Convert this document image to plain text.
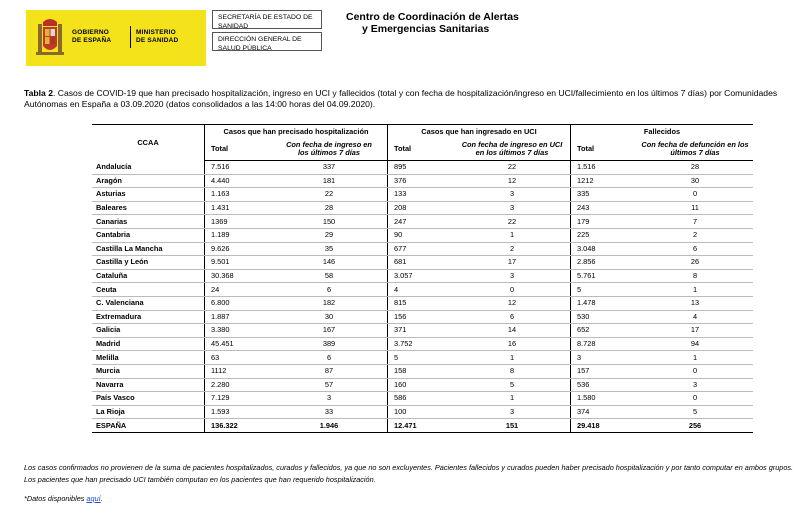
GOBIERNO
DE ESPAÑA
MINISTERIO
DE SANIDAD
SECRETARÍA DE ESTADO DE SANIDAD
DIRECCIÓN GENERAL DE SALUD PÚBLICA
Centro de Coordinación de Alertas
y Emergencias Sanitarias
Tabla 2. Casos de COVID-19 que han precisado hospitalización, ingreso en UCI y fallecidos (total y con fecha de hospitalización/ingreso en UCI/fallecimiento en los últimos 7 días) por Comunidades Autónomas en España a 03.09.2020 (datos consolidados a las 14:00 horas del 04.09.2020).
CCAA	Casos que han precisado hospitalización		Casos que han ingresado en UCI		Fallecidos	
	Total	Con fecha de ingreso en
los últimos 7 días	Total	Con fecha de ingreso en UCI
en los últimos 7 días	Total	Con fecha de defunción en los
últimos 7 días
Andalucía	7.516	337	895	22	1.516	28
Aragón	4.440	181	376	12	1212	30
Asturias	1.163	22	133	3	335	0
Baleares	1.431	28	208	3	243	11
Canarias	1369	150	247	22	179	7
Cantabria	1.189	29	90	1	225	2
Castilla La Mancha	9.626	35	677	2	3.048	6
Castilla y León	9.501	146	681	17	2.856	26
Cataluña	30.368	58	3.057	3	5.761	8
Ceuta	24	6	4	0	5	1
C. Valenciana	6.800	182	815	12	1.478	13
Extremadura	1.887	30	156	6	530	4
Galicia	3.380	167	371	14	652	17
Madrid	45.451	389	3.752	16	8.728	94
Melilla	63	6	5	1	3	1
Murcia	1112	87	158	8	157	0
Navarra	2.280	57	160	5	536	3
País Vasco	7.129	3	586	1	1.580	0
La Rioja	1.593	33	100	3	374	5
ESPAÑA	136.322	1.946	12.471	151	29.418	256
Los casos confirmados no provienen de la suma de pacientes hospitalizados, curados y fallecidos, ya que no son excluyentes. Pacientes fallecidos y curados pueden haber precisado hospitalización y por tanto computar en ambos grupos. Los pacientes que han precisado UCI también computan en los pacientes que han requerido hospitalización.
*Datos disponibles aquí.
